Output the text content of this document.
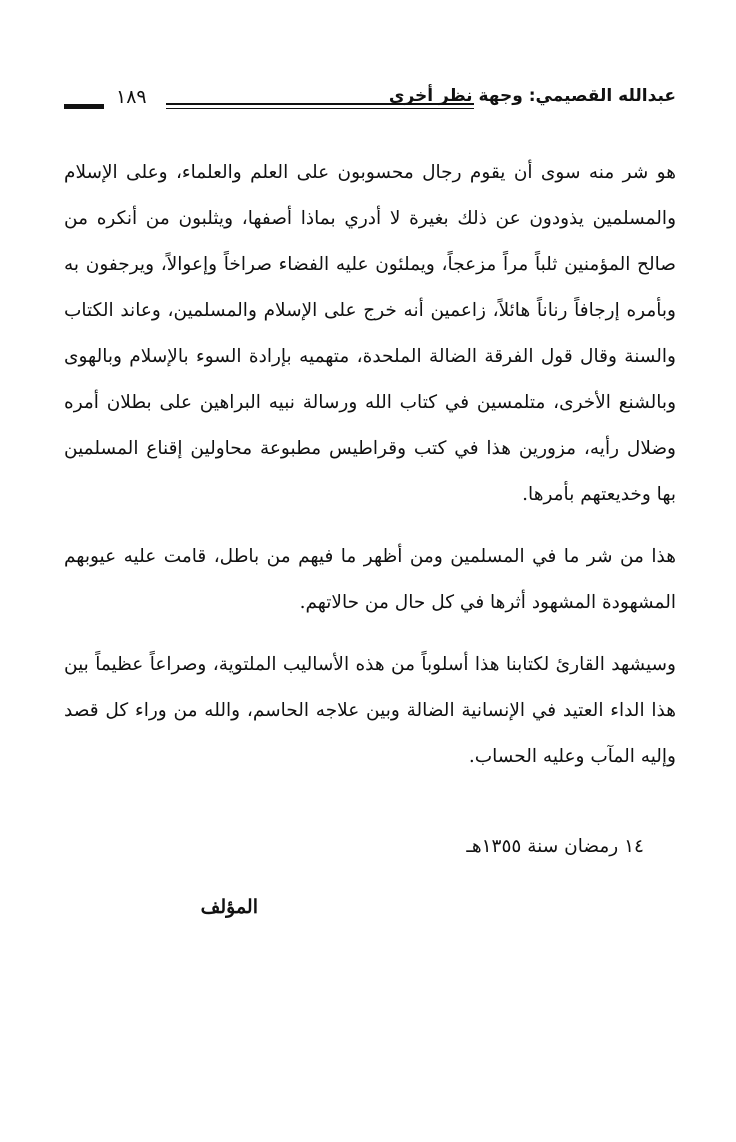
١٨٩	عبدالله القصيمي: وجهة نظر أخرى

هو شر منه سوى أن يقوم رجال محسوبون على العلم والعلماء، وعلى الإسلام والمسلمين يذودون عن ذلك بغيرة لا أدري بماذا أصفها، ويثلبون من أنكره من صالح المؤمنين ثلباً مراً مزعجاً، ويملئون عليه الفضاء صراخاً وإعوالاً، ويرجفون به وبأمره إرجافاً رناناً هائلاً، زاعمين أنه خرج على الإسلام والمسلمين، وعاند الكتاب والسنة وقال قول الفرقة الضالة الملحدة، متهميه بإرادة السوء بالإسلام وبالهوى وبالشنع الأخرى، متلمسين في كتاب الله ورسالة نبيه البراهين على بطلان أمره وضلال رأيه، مزورين هذا في كتب وقراطيس مطبوعة محاولين إقناع المسلمين بها وخديعتهم بأمرها.

هذا من شر ما في المسلمين ومن أظهر ما فيهم من باطل، قامت عليه عيوبهم المشهودة المشهود أثرها في كل حال من حالاتهم.

وسيشهد القارئ لكتابنا هذا أسلوباً من هذه الأساليب الملتوية، وصراعاً عظيماً بين هذا الداء العتيد في الإنسانية الضالة وبين علاجه الحاسم، والله من وراء كل قصد وإليه المآب وعليه الحساب.

١٤ رمضان سنة ١٣٥٥هـ
المؤلف
